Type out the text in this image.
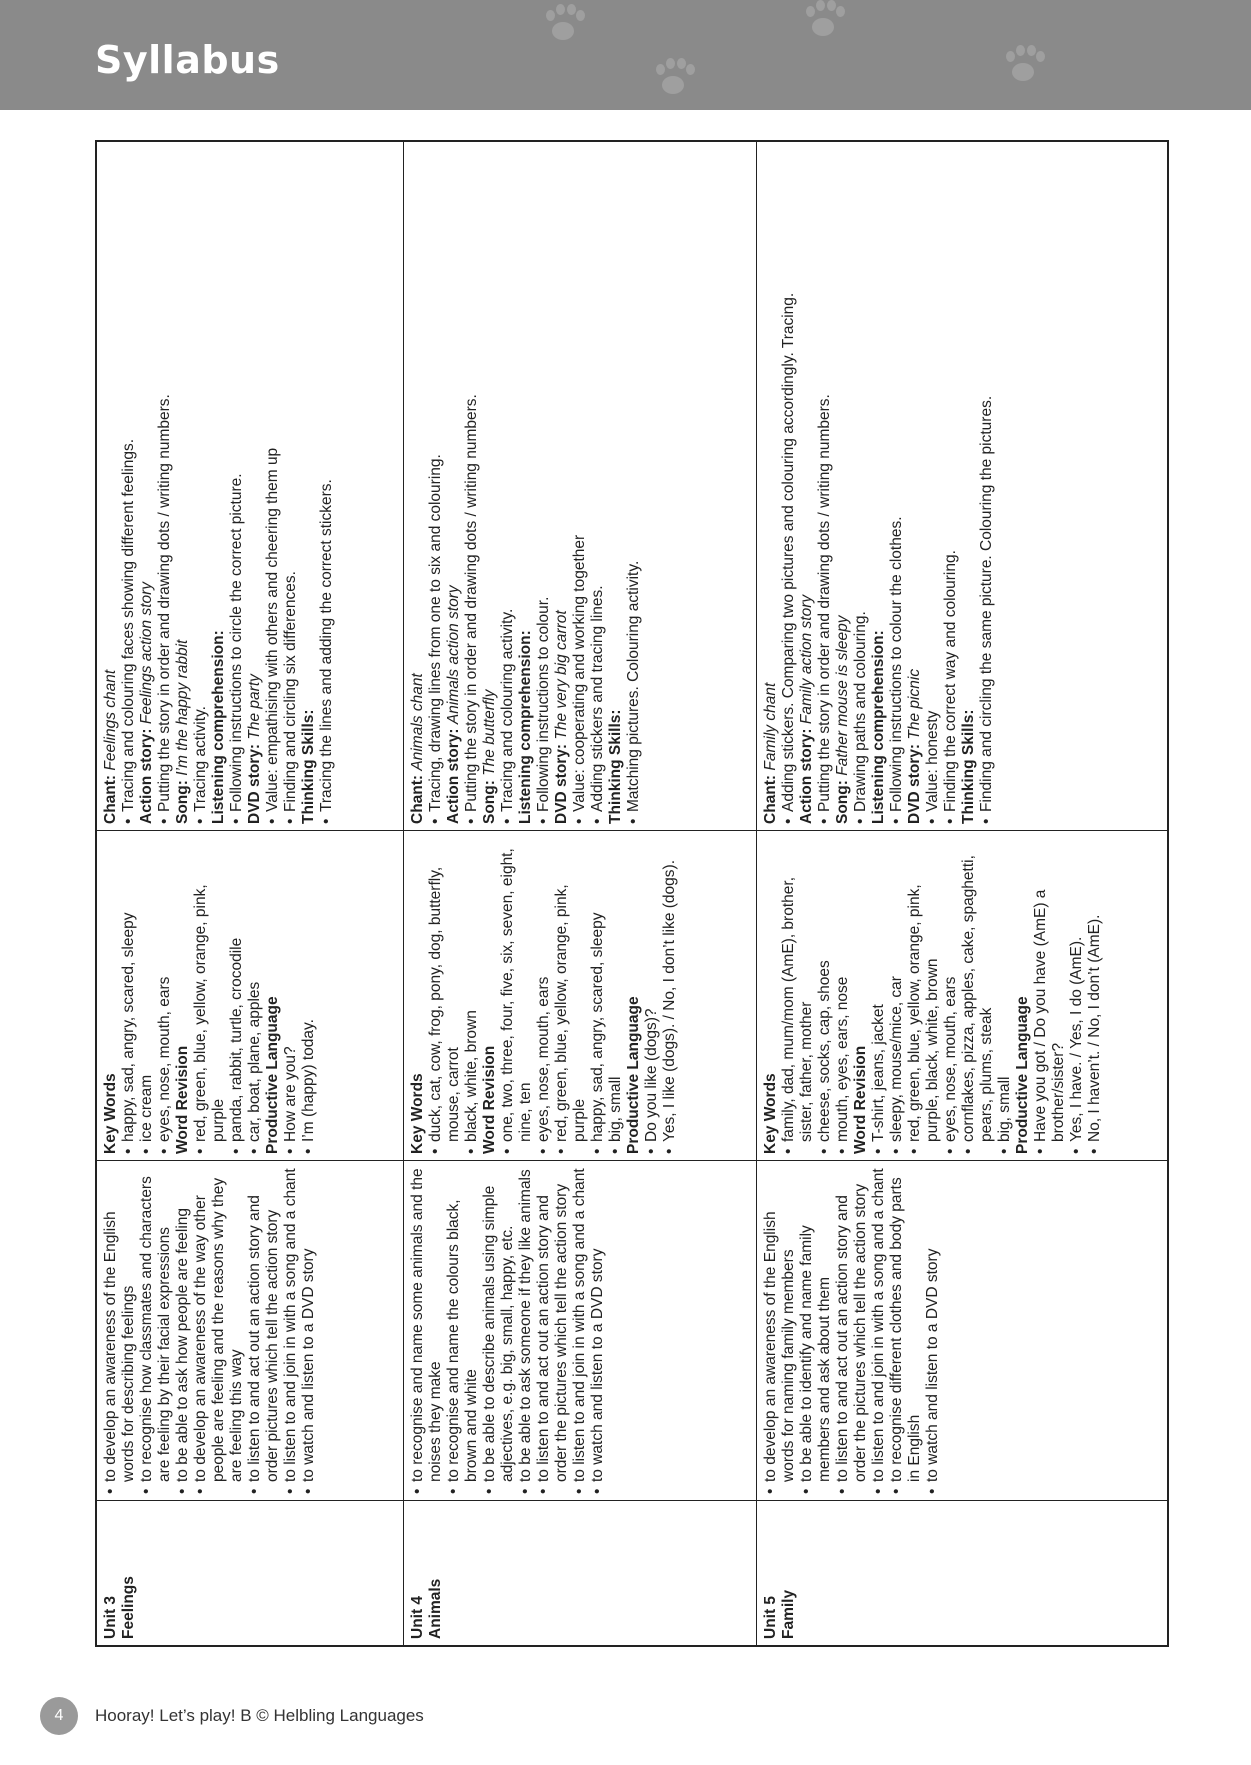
Syllabus
Unit 3 Feelings
• to develop an awareness of the English words for describing feelings • to recognise how classmates and characters are feeling by their facial expressions • to be able to ask how people are feeling • to develop an awareness of the way other people are feeling and the reasons why they are feeling this way • to listen to and act out an action story and order pictures which tell the action story • to listen to and join in with a song and a chant • to watch and listen to a DVD story
Key Words • happy, sad, angry, scared, sleepy • ice cream • eyes, nose, mouth, ears Word Revision • red, green, blue, yellow, orange, pink, purple • panda, rabbit, turtle, crocodile • car, boat, plane, apples Productive Language • How are you? • I’m (happy) today.
Chant: Feelings chant • Tracing and colouring faces showing different feelings. Action story: Feelings action story • Putting the story in order and drawing dots / writing numbers. Song: I’m the happy rabbit • Tracing activity. Listening comprehension: • Following instructions to circle the correct picture. DVD story: The party • Value: empathising with others and cheering them up • Finding and circling six differences. Thinking Skills: • Tracing the lines and adding the correct stickers.
Unit 4 Animals
• to recognise and name some animals and the noises they make • to recognise and name the colours black, brown and white • to be able to describe animals using simple adjectives, e.g. big, small, happy, etc. • to be able to ask someone if they like animals • to listen to and act out an action story and order the pictures which tell the action story • to listen to and join in with a song and a chant • to watch and listen to a DVD story
Key Words • duck, cat, cow, frog, pony, dog, butterfly, mouse, carrot • black, white, brown Word Revision • one, two, three, four, five, six, seven, eight, nine, ten • eyes, nose, mouth, ears • red, green, blue, yellow, orange, pink, purple • happy, sad, angry, scared, sleepy • big, small Productive Language • Do you like (dogs)? • Yes, I like (dogs). / No, I don’t like (dogs).
Chant: Animals chant • Tracing, drawing lines from one to six and colouring. Action story: Animals action story • Putting the story in order and drawing dots / writing numbers. Song: The butterfly • Tracing and colouring activity. Listening comprehension: • Following instructions to colour. DVD story: The very big carrot • Value: cooperating and working together • Adding stickers and tracing lines. Thinking Skills: • Matching pictures. Colouring activity.
Unit 5 Family
• to develop an awareness of the English words for naming family members • to be able to identify and name family members and ask about them • to listen to and act out an action story and order the pictures which tell the action story • to listen to and join in with a song and a chant • to recognise different clothes and body parts in English • to watch and listen to a DVD story
Key Words • family, dad, mum/mom (AmE), brother, sister, father, mother • cheese, socks, cap, shoes • mouth, eyes, ears, nose Word Revision • T-shirt, jeans, jacket • sleepy, mouse/mice, car • red, green, blue, yellow, orange, pink, purple, black, white, brown • eyes, nose, mouth, ears • cornflakes, pizza, apples, cake, spaghetti, pears, plums, steak • big, small Productive Language • Have you got / Do you have (AmE) a brother/sister? • Yes, I have. / Yes, I do (AmE). • No, I haven’t. / No, I don’t (AmE).
Chant: Family chant • Adding stickers. Comparing two pictures and colouring accordingly. Tracing. Action story: Family action story • Putting the story in order and drawing dots / writing numbers. Song: Father mouse is sleepy • Drawing paths and colouring. Listening comprehension: • Following instructions to colour the clothes. DVD story: The picnic
• Value: honesty • Finding the correct way and colouring. Thinking Skills: • Finding and circling the same picture. Colouring the pictures.
4	Hooray! Let’s play! B © Helbling Languages
